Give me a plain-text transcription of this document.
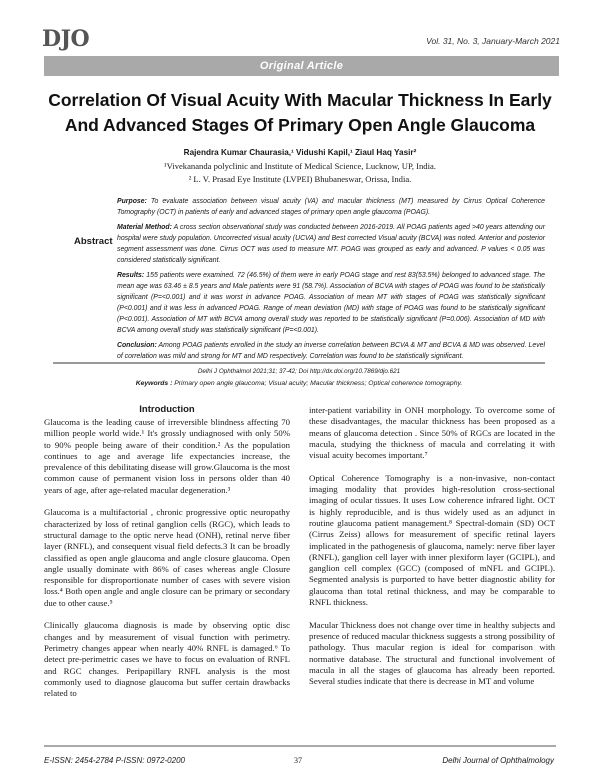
DJO	Vol. 31, No. 3, January-March 2021
Original Article
Correlation Of Visual Acuity With Macular Thickness In Early
And Advanced Stages Of Primary Open Angle Glaucoma
Rajendra Kumar Chaurasia,¹ Vidushi Kapil,¹ Ziaul Haq Yasir²
¹Vivekananda polyclinic and Institute of Medical Science, Lucknow, UP, India.
² L. V. Prasad Eye Institute (LVPEI) Bhubaneswar, Orissa, India.
Abstract

Purpose: To evaluate association between visual acuity (VA) and macular thickness (MT) measured by Cirrus Optical Coherence Tomography (OCT) in patients of early and advanced stages of primary open angle glaucoma (POAG).

Material Method: A cross section observational study was conducted between 2016-2019. All POAG patients aged >40 years attending our hospital were study population. Uncorrected visual acuity (UCVA) and Best corrected Visual acuity (BCVA) was noted. Anterior and posterior segment assessment was done. Cirrus OCT was used to measure MT. POAG was grouped as early and advanced. P values < 0.05 was considered statistically significant.

Results: 155 patients were examined. 72 (46.5%) of them were in early POAG stage and rest 83(53.5%) belonged to advanced stage. The mean age was 63.46 ± 8.5 years and Male patients were 91 (58.7%). Association of BCVA with stages of POAG was found to be statistically significant (P=<0.001) and it was worst in advance POAG. Association of mean MT with stages of POAG was statistically significant (P<0.001) and it was less in advanced POAG. Range of mean deviation (MD) with stage of POAG was found to be statistically significant (P<0.001). Association of MT with BCVA among overall study was reported to be statistically significant (P=0.006). Association of MD with BCVA among overall study was statistically significant (P=<0.001).

Conclusion: Among POAG patients enrolled in the study an inverse correlation between BCVA & MT and BCVA & MD was observed. Level of correlation was mild and strong for MT and MD respectively. Correlation was found to be statistically significant.

Delhi J Ophthalmol 2021;31; 37-42; Doi http://dx.doi.org/10.7869/djo.621
Keywords : Primary open angle glaucoma; Visual acuity; Macular thickness; Optical coherence tomography.
Introduction

Glaucoma is the leading cause of irreversible blindness affecting 70 million people world wide.¹ It's grossly undiagnosed with only 50% to 90% people being aware of their condition.² As the population continues to age and average life expectancies increase, the prevalence of this debilitating disease will grow.Glaucoma is the most common cause of permanent vision loss in persons older than 40 years of age, after age-related macular degeneration.³

Glaucoma is a multifactorial , chronic progressive optic neuropathy characterized by loss of retinal ganglion cells (RGC), which leads to structural damage to the optic nerve head (ONH), retinal nerve fiber layer (RNFL), and consequent visual field defects.3 It can be broadly classified as open angle glaucoma and angle closure glaucoma. Open angle usually dominate with 86% of cases whereas angle Closure responsible for disproportionate number of cases with severe vision loss.⁴ Both open angle and angle closure can be primary or secondary due to other cause.⁵

Clinically glaucoma diagnosis is made by observing optic disc changes and by measurement of visual function with perimetry. Perimetry changes appear when nearly 40% RNFL is damaged.⁶ To detect pre-perimetric cases we have to focus on evaluation of RNFL and RGC changes. Peripapillary RNFL analysis is the most commonly used to diagnose glaucoma but suffer certain drawbacks related to

inter-patient variability in ONH morphology. To overcome some of these disadvantages, the macular thickness has been proposed as a means of glaucoma detection . Since 50% of RGCs are located in the macula, studying the thickness of macula and correlating it with visual acuity becomes important.⁷

Optical Coherence Tomography is a non-invasive, non-contact imaging modality that provides high-resolution cross-sectional imaging of ocular tissues. It uses Low coherence infrared light. OCT is highly reproducible, and is thus widely used as an adjunct in routine glaucoma patient management.⁸ Spectral-domain (SD) OCT (Cirrus Zeiss) allows for measurement of specific retinal layers implicated in the pathogenesis of glaucoma, namely: nerve fiber layer (RNFL), ganglion cell layer with inner plexiform layer (GCIPL), and ganglion cell complex (GCC) (composed of mNFL and GCIPL). Segmented analysis is purported to have better diagnostic ability for glaucoma than total retinal thickness, and may be comparable to RNFL thickness.

Macular Thickness does not change over time in healthy subjects and presence of reduced macular thickness suggests a strong possibility of pathology. Thus macular region is ideal for comparison with normative database. The structural and functional involvement of macula in all the stages of glaucoma has already been reported. Several studies indicate that there is decrease in MT and volume

E-ISSN: 2454-2784 P-ISSN: 0972-0200	37	Delhi Journal of Ophthalmology
